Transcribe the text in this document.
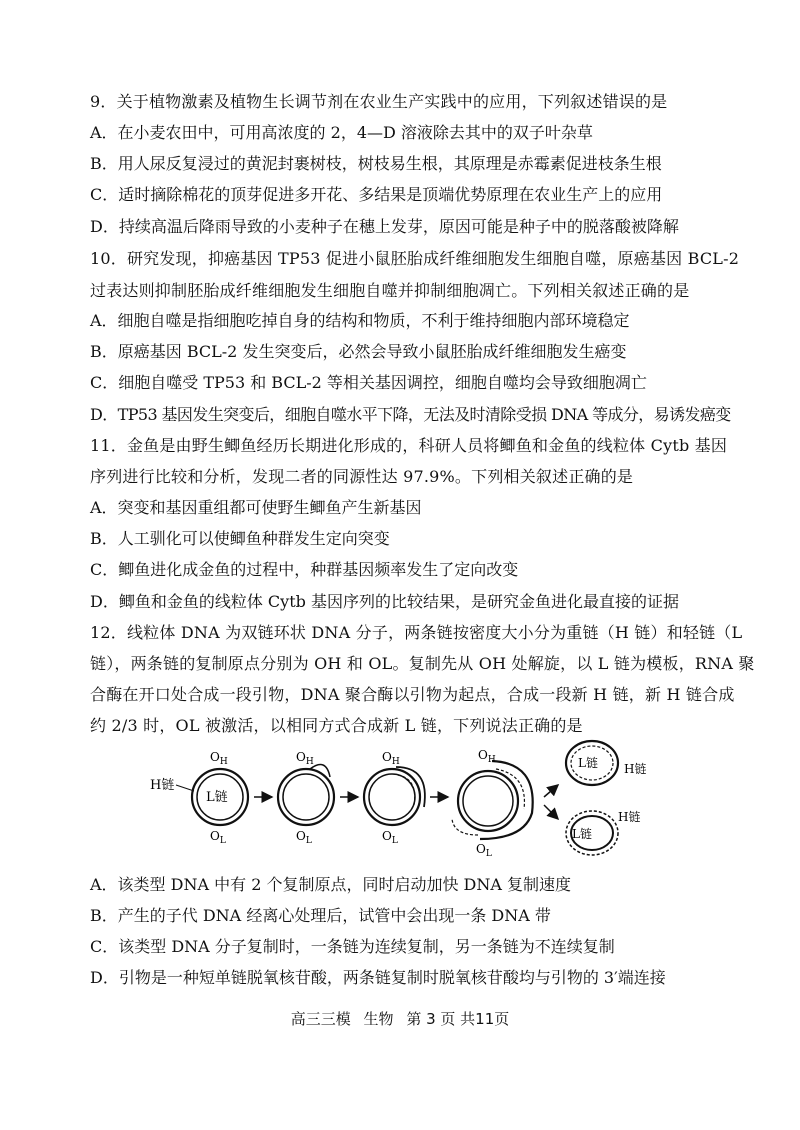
9．关于植物激素及植物生长调节剂在农业生产实践中的应用，下列叙述错误的是
A．在小麦农田中，可用高浓度的 2，4—D 溶液除去其中的双子叶杂草
B．用人尿反复浸过的黄泥封裹树枝，树枝易生根，其原理是赤霉素促进枝条生根
C．适时摘除棉花的顶芽促进多开花、多结果是顶端优势原理在农业生产上的应用
D．持续高温后降雨导致的小麦种子在穗上发芽，原因可能是种子中的脱落酸被降解
10．研究发现，抑癌基因 TP53 促进小鼠胚胎成纤维细胞发生细胞自噬，原癌基因 BCL-2
过表达则抑制胚胎成纤维细胞发生细胞自噬并抑制细胞凋亡。下列相关叙述正确的是
A．细胞自噬是指细胞吃掉自身的结构和物质，不利于维持细胞内部环境稳定
B．原癌基因 BCL-2 发生突变后，必然会导致小鼠胚胎成纤维细胞发生癌变
C．细胞自噬受 TP53 和 BCL-2 等相关基因调控，细胞自噬均会导致细胞凋亡
D．TP53 基因发生突变后，细胞自噬水平下降，无法及时清除受损 DNA 等成分，易诱发癌变
11．金鱼是由野生鲫鱼经历长期进化形成的，科研人员将鲫鱼和金鱼的线粒体 Cytb 基因
序列进行比较和分析，发现二者的同源性达 97.9%。下列相关叙述正确的是
A．突变和基因重组都可使野生鲫鱼产生新基因
B．人工驯化可以使鲫鱼种群发生定向突变
C．鲫鱼进化成金鱼的过程中，种群基因频率发生了定向改变
D．鲫鱼和金鱼的线粒体 Cytb 基因序列的比较结果，是研究金鱼进化最直接的证据
12．线粒体 DNA 为双链环状 DNA 分子，两条链按密度大小分为重链（H 链）和轻链（L
链），两条链的复制原点分别为 OH 和 OL。复制先从 OH 处解旋，以 L 链为模板，RNA 聚
合酶在开口处合成一段引物，DNA 聚合酶以引物为起点，合成一段新 H 链，新 H 链合成
约 2/3 时，OL 被激活，以相同方式合成新 L 链，下列说法正确的是
L链
H链
$O_H$
$O_L$
$O_H$
$O_L$
$O_H$
$O_L$
$O_H$
$O_L$
L链 H链
L链
H链
A．该类型 DNA 中有 2 个复制原点，同时启动加快 DNA 复制速度
B．产生的子代 DNA 经离心处理后，试管中会出现一条 DNA 带
C．该类型 DNA 分子复制时，一条链为连续复制，另一条链为不连续复制
D．引物是一种短单链脱氧核苷酸，两条链复制时脱氧核苷酸均与引物的 3′端连接
高三三模 生物 第 3 页 共11页
